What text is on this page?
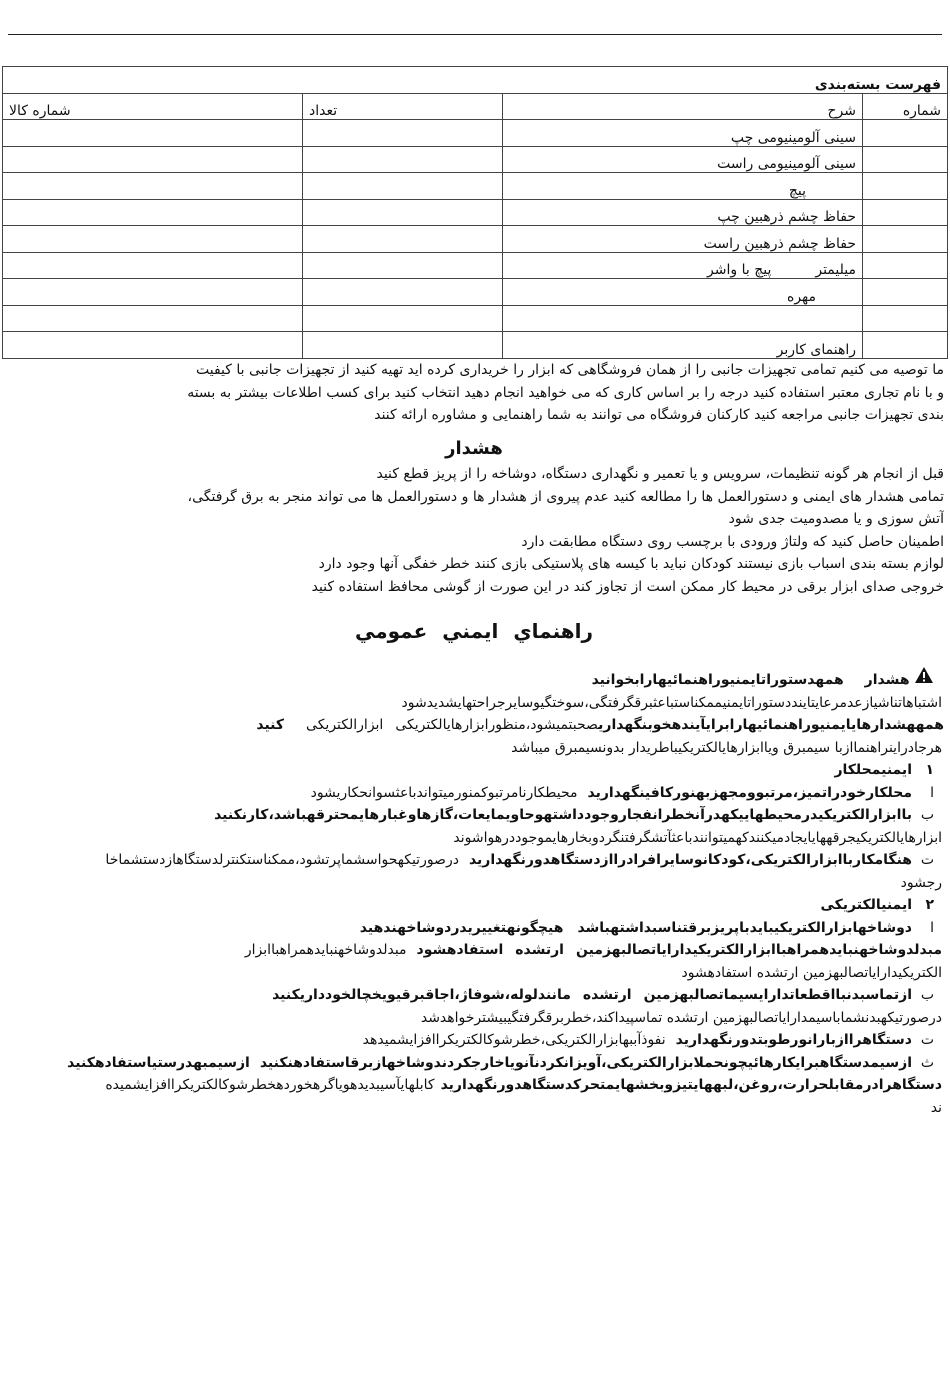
فهرست بسته‌بندی			
شماره	شرح	تعداد	شماره کالا
	سینی آلومینیومی چپ		
	سینی آلومینیومی راست		
	پیچ		
	حفاظ چشم ذرهبین چپ		
	حفاظ چشم ذرهبین راست		
	میلیمترپیچ با واشر		
	مهره		

	راهنمای کاربر		
ما توصیه می کنیم تمامی تجهیزات جانبی را از همان فروشگاهی که ابزار را خریداری کرده اید تهیه کنید از تجهیزات جانبی با کیفیت
و با نام تجاری معتبر استفاده کنید درجه را بر اساس کاری که می خواهید انجام دهید انتخاب کنید برای کسب اطلاعات بیشتر به بسته
بندی تجهیزات جانبی مراجعه کنید کارکنان فروشگاه می توانند به شما راهنمایی و مشاوره ارائه کنند
هشدار
قبل از انجام هر گونه تنظیمات، سرویس و یا تعمیر و نگهداری دستگاه، دوشاخه را از پریز قطع کنید
تمامی هشدار های ایمنی و دستورالعمل ها را مطالعه کنید عدم پیروی از هشدار ها و دستورالعمل ها می تواند منجر به برق گرفتگی،
آتش سوزی و یا مصدومیت جدی شود
اطمینان حاصل کنید که ولتاژ ورودی با برچسب روی دستگاه مطابقت دارد
لوازم بسته بندی اسباب بازی نیستند کودکان نباید با کیسه های پلاستیکی بازی کنند خطر خفگی آنها وجود دارد
خروجی صدای ابزار برقی در محیط کار ممکن است از تجاوز کند در این صورت از گوشی محافظ استفاده کنید
راهنماي ايمني عمومي
هشدار  همهدستوراتایمنیوراهنمائیهارابخوانید
اشتباهاتناشیازعدمرعایتاینددستوراتایمنیممکناستباعثبرقگرفتگی،سوختگیوسایرجراحتهایشدیدشود
همههشدارهایایمنیوراهنمائیهارابرایآیندهخوبنگهداریصحبتمیشود،منظورابزارهایالکتریکیابزارالکتریکیکنید
هرجادراینراهنماازبا سیمبرق ویاابزارهایالکتریکیباطریدار بدونسیمبرق میباشد
۱ایمنیمحلکار
امحلکارخودراتمیز،مرتبوومجهزبهنورکافینگهداریدمحیطکارنامرتبوکمنورمیتواندباعثسوانحکاریشود
بباابزارالکتریکیدرمحیطهاییکهدرآنخطرانفجاروجودداشتهوحاویمایعات،گازهاوغبارهایمحترقهباشد،کارنکنید
ابزارهایالکتریکیجرقههایایجادمیکنندکهمیتوانندباعثآتشگرفتنگردوبخارهایموجوددرهواشوند
تهنگامکارباابزارالکتریکی،کودکانوسایرافرادراازدستگاهدورنگهداریددرصورتیکهحواسشماپرتشود،ممکناستکنترلدستگاهازدستشماخا
رجشود
۲ایمنیالکتریکی
ادوشاخهابزارالکتریکیبایدباپریزبرقتناسبداشتهباشدهیچگونهتغییریدردوشاخهندهید
مبدلدوشاخهنبایدهمراهباابزارالکتریکیدارایاتصالبهزمینارتشدهاستفادهشودمبدلدوشاخهنبایدهمراهباابزار
الکتریکیدارایاتصالبهزمین ارتشده استفادهشود
بازتماسبدنبااقطعاتدارایسیماتصالبهزمینارتشدهمانندلوله،شوفاژ،اجاقبرقیویخچالخودداریکنید
درصورتیکهبدنشماباسیمدارایاتصالبهزمین ارتشده تماسپیداکند،خطربرقگرفتگیبیشترخواهدشد
تدستگاهراازبارانورطوبتدورنگهداریدنفوذآببهابزارالکتریکی،خطرشوکالکتریکراافزایشمیدهد
ثازسیمدستگاهبرایکارهائیچونحملابزارالکتریکی،آویزانکردنآنویاخارجکردندوشاخهازبرقاستفادهنکنیدازسیمبهدرستیاستفادهکنید
دستگاهرادرمقابلحرارت،روغن،لبههایتیزوبخشهایمتحرکدستگاهدورنگهداریدکابلهایآسیبدیدهویاگرهخوردهخطرشوکالکتریکراافزایشمیده
ند
